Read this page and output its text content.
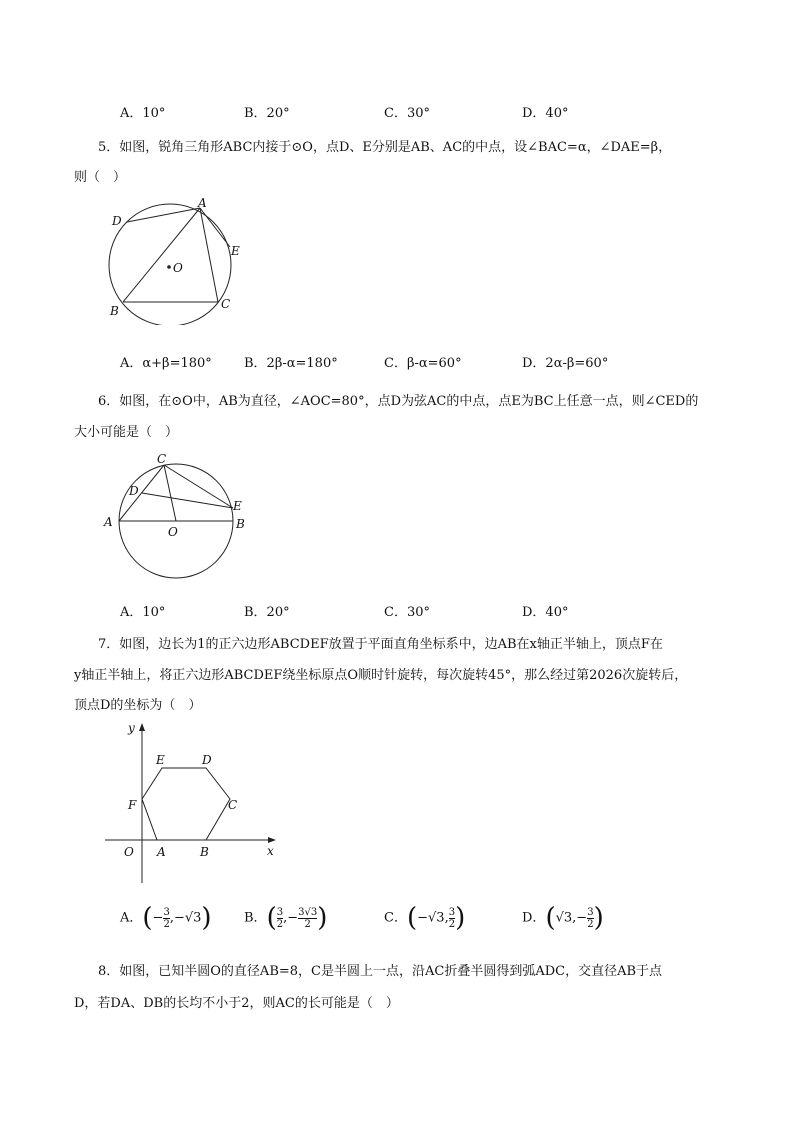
A．10°	B．20°	C．30°	D．40°
5．如图，锐角三角形ABC内接于⊙O，点D、E分别是AB、AC的中点，设∠BAC=α，∠DAE=β，
则（　）
A
D
E
O
B	C
A．α+β=180° B．2β-α=180°	C．β-α=60°	D．2α-β=60°
6．如图，在⊙O中，AB为直径，∠AOC=80°，点D为弦AC的中点，点E为BC上任意一点，则∠CED的
大小可能是（　）
C
D
E
A
O
B
A．10°	B．20°	C．30°	D．40°
7．如图，边长为1的正六边形ABCDEF放置于平面直角坐标系中，边AB在x轴正半轴上，顶点F在
y轴正半轴上，将正六边形ABCDEF绕坐标原点O顺时针旋转，每次旋转45°，那么经过第2026次旋转后，
顶点D的坐标为（　）
y
E	D
F	C
O A	B	x
A．(− $\frac{3}{2} ,-√3$) B．( $\frac{3}{2}$ ,− $\frac{3√3}{2}$ )	C．(−√3, $\frac{3}{2}$ )	D．($√3,- \frac{3}{2}$ )
8．如图，已知半圆O的直径AB=8，C是半圆上一点，沿AC折叠半圆得到弧ADC，交直径AB于点
D，若DA、DB的长均不小于2，则AC的长可能是（　）
